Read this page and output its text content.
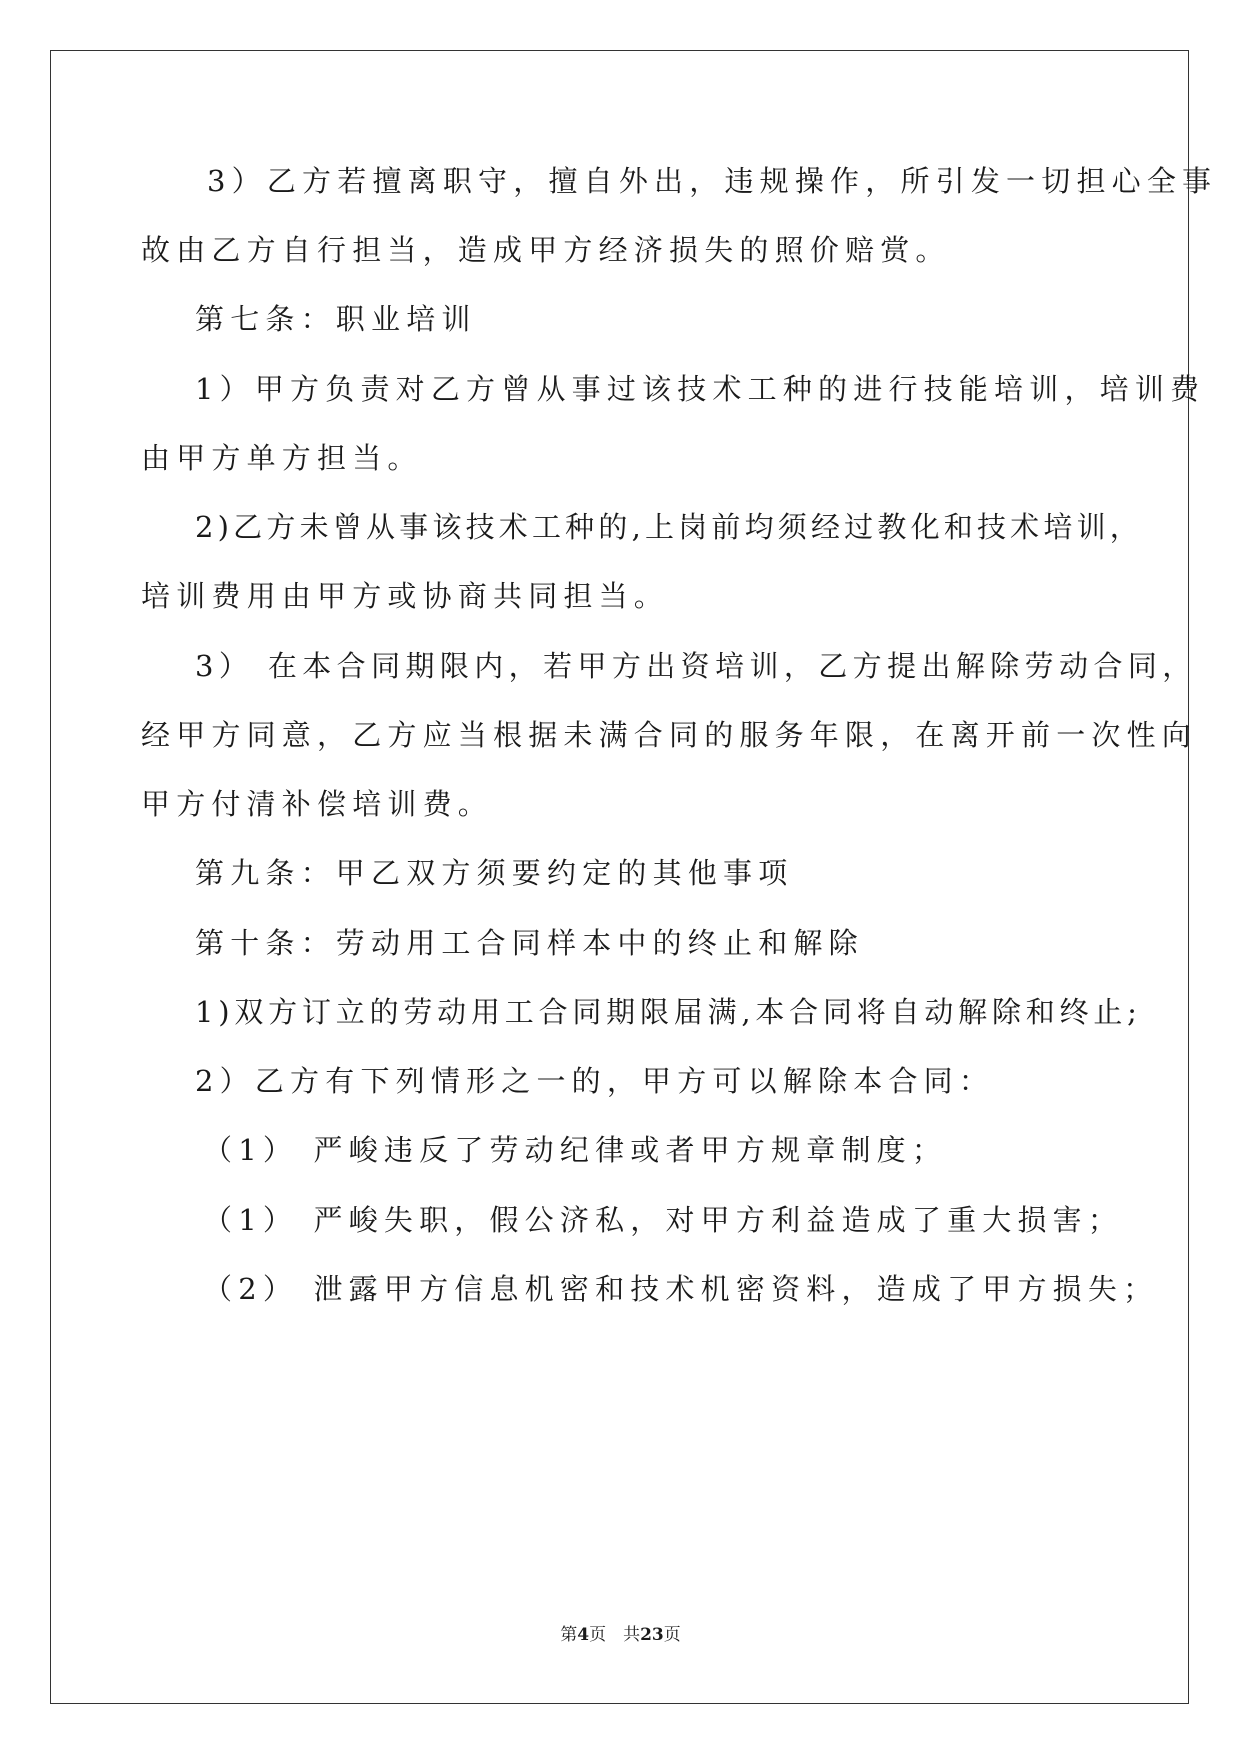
3）乙方若擅离职守，擅自外出，违规操作，所引发一切担心全事
故由乙方自行担当，造成甲方经济损失的照价赔赏。
第七条：职业培训
1）甲方负责对乙方曾从事过该技术工种的进行技能培训，培训费
由甲方单方担当。
2)乙方未曾从事该技术工种的,上岗前均须经过教化和技术培训，
培训费用由甲方或协商共同担当。
3） 在本合同期限内，若甲方出资培训，乙方提出解除劳动合同，
经甲方同意，乙方应当根据未满合同的服务年限，在离开前一次性向
甲方付清补偿培训费。
第九条：甲乙双方须要约定的其他事项
第十条：劳动用工合同样本中的终止和解除
1)双方订立的劳动用工合同期限届满,本合同将自动解除和终止;
2）乙方有下列情形之一的，甲方可以解除本合同：
（1） 严峻违反了劳动纪律或者甲方规章制度；
（1） 严峻失职，假公济私，对甲方利益造成了重大损害；
（2） 泄露甲方信息机密和技术机密资料，造成了甲方损失；
第4页　共23页
